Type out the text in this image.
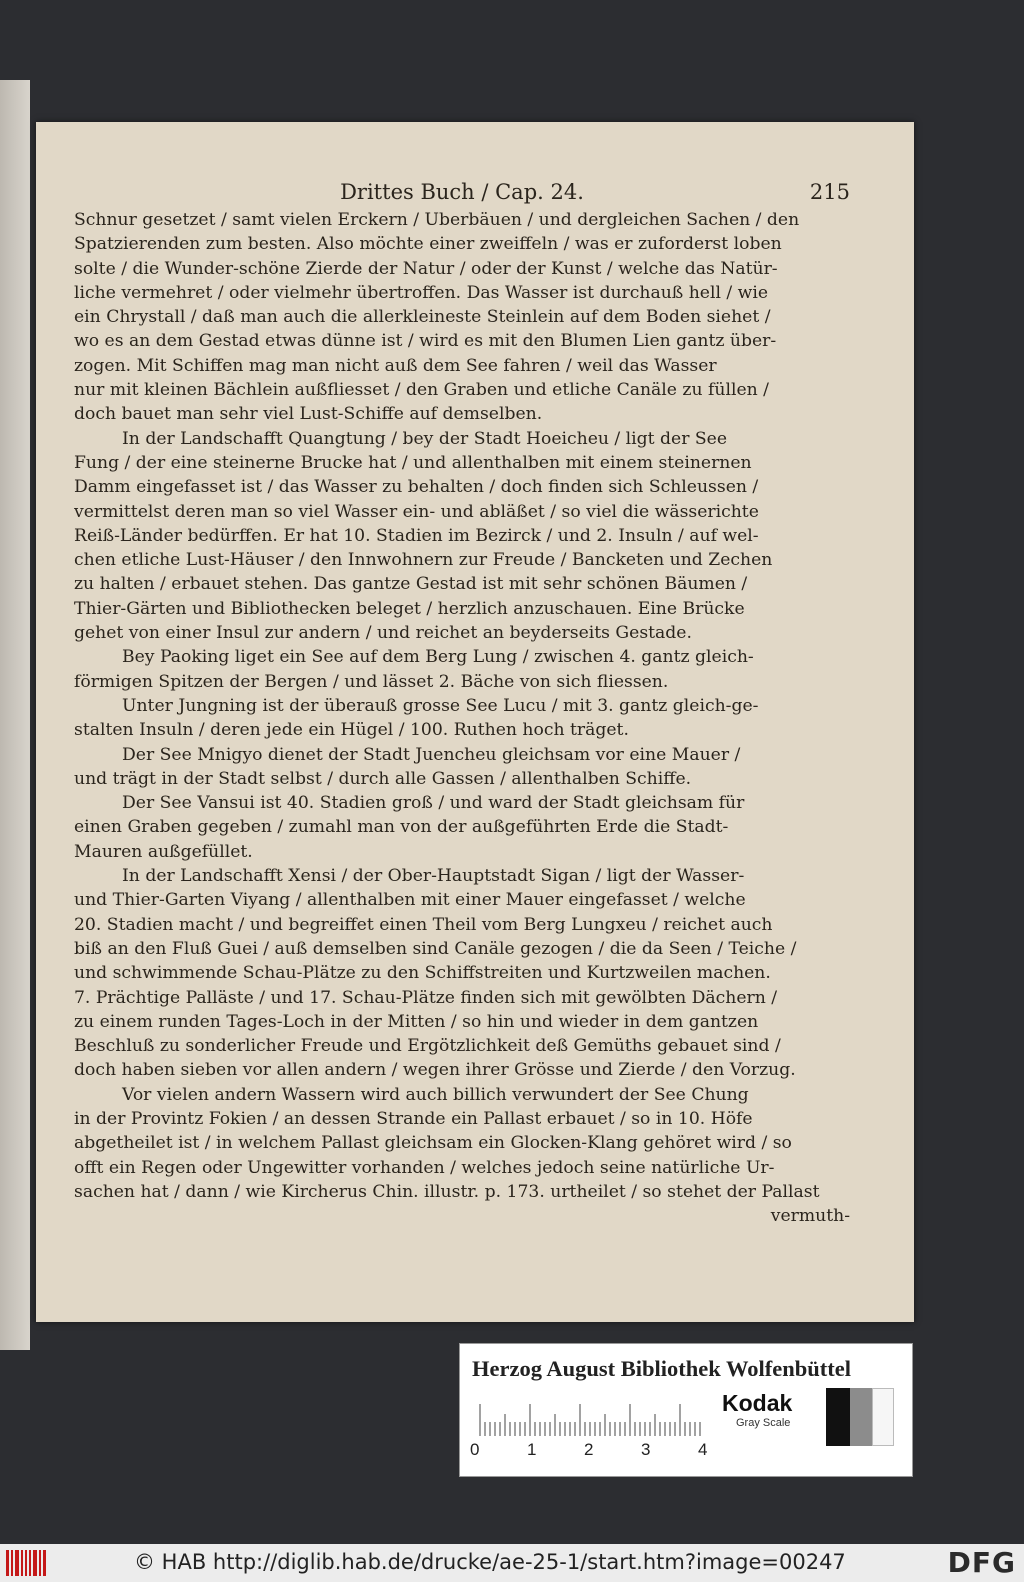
Drittes Buch / Cap. 24.	215
Schnur gesetzet / samt vielen Erckern / Uberbäuen / und dergleichen Sachen / den
Spatzierenden zum besten. Also möchte einer zweiffeln / was er zuforderst loben
solte / die Wunder-schöne Zierde der Natur / oder der Kunst / welche das Natür-
liche vermehret / oder vielmehr übertroffen. Das Wasser ist durchauß hell / wie
ein Chrystall / daß man auch die allerkleineste Steinlein auf dem Boden siehet /
wo es an dem Gestad etwas dünne ist / wird es mit den Blumen Lien gantz über-
zogen. Mit Schiffen mag man nicht auß dem See fahren / weil das Wasser
nur mit kleinen Bächlein außfliesset / den Graben und etliche Canäle zu füllen /
doch bauet man sehr viel Lust-Schiffe auf demselben.
In der Landschafft Quangtung / bey der Stadt Hoeicheu / ligt der See
Fung / der eine steinerne Brucke hat / und allenthalben mit einem steinernen
Damm eingefasset ist / das Wasser zu behalten / doch finden sich Schleussen /
vermittelst deren man so viel Wasser ein- und abläßet / so viel die wässerichte
Reiß-Länder bedürffen. Er hat 10. Stadien im Bezirck / und 2. Insuln / auf wel-
chen etliche Lust-Häuser / den Innwohnern zur Freude / Bancketen und Zechen
zu halten / erbauet stehen. Das gantze Gestad ist mit sehr schönen Bäumen /
Thier-Gärten und Bibliothecken beleget / herzlich anzuschauen. Eine Brücke
gehet von einer Insul zur andern / und reichet an beyderseits Gestade.
Bey Paoking liget ein See auf dem Berg Lung / zwischen 4. gantz gleich-
förmigen Spitzen der Bergen / und lässet 2. Bäche von sich fliessen.
Unter Jungning ist der überauß grosse See Lucu / mit 3. gantz gleich-ge-
stalten Insuln / deren jede ein Hügel / 100. Ruthen hoch träget.
Der See Mnigyo dienet der Stadt Juencheu gleichsam vor eine Mauer /
und trägt in der Stadt selbst / durch alle Gassen / allenthalben Schiffe.
Der See Vansui ist 40. Stadien groß / und ward der Stadt gleichsam für
einen Graben gegeben / zumahl man von der außgeführten Erde die Stadt-
Mauren außgefüllet.
In der Landschafft Xensi / der Ober-Hauptstadt Sigan / ligt der Wasser-
und Thier-Garten Viyang / allenthalben mit einer Mauer eingefasset / welche
20. Stadien macht / und begreiffet einen Theil vom Berg Lungxeu / reichet auch
biß an den Fluß Guei / auß demselben sind Canäle gezogen / die da Seen / Teiche /
und schwimmende Schau-Plätze zu den Schiffstreiten und Kurtzweilen machen.
7. Prächtige Palläste / und 17. Schau-Plätze finden sich mit gewölbten Dächern /
zu einem runden Tages-Loch in der Mitten / so hin und wieder in dem gantzen
Beschluß zu sonderlicher Freude und Ergötzlichkeit deß Gemüths gebauet sind /
doch haben sieben vor allen andern / wegen ihrer Grösse und Zierde / den Vorzug.
Vor vielen andern Wassern wird auch billich verwundert der See Chung
in der Provintz Fokien / an dessen Strande ein Pallast erbauet / so in 10. Höfe
abgetheilet ist / in welchem Pallast gleichsam ein Glocken-Klang gehöret wird / so
offt ein Regen oder Ungewitter vorhanden / welches jedoch seine natürliche Ur-
sachen hat / dann / wie Kircherus Chin. illustr. p. 173. urtheilet / so stehet der Pallast
vermuth-
Herzog August Bibliothek Wolfenbüttel
0	1	2	3	4
Kodak
Gray Scale
© HAB http://diglib.hab.de/drucke/ae-25-1/start.htm?image=00247	DFG
